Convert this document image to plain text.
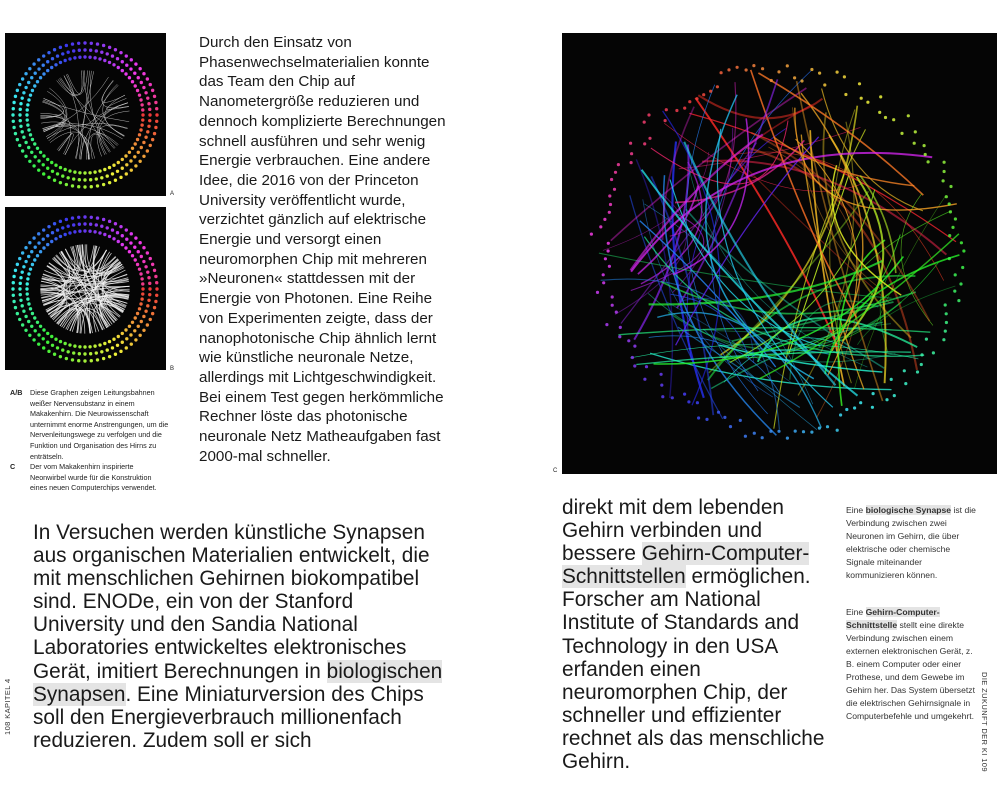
A
B
A/B	Diese Graphen zeigen Leitungsbahnen weißer Nervensubstanz in einem Makakenhirn. Die Neurowissenschaft unternimmt enorme Anstrengungen, um die Nervenleitungswege zu verfolgen und die Funktion und Organisation des Hirns zu enträtseln.
C	Der vom Makakenhirn inspirierte Neonwirbel wurde für die Konstruktion eines neuen Computerchips verwendet.
Durch den Einsatz von Phasenwechselmaterialien konnte das Team den Chip auf Nanometergröße reduzieren und dennoch komplizierte Berechnungen schnell ausführen und sehr wenig Energie verbrauchen. Eine andere Idee, die 2016 von der Princeton University veröffentlicht wurde, verzichtet gänzlich auf elektrische Energie und versorgt einen neuromorphen Chip mit mehreren »Neuronen« stattdessen mit der Energie von Photonen. Eine Reihe von Experimenten zeigte, dass der nanophotonische Chip ähnlich lernt wie künstliche neuronale Netze, allerdings mit Lichtgeschwindigkeit. Bei einem Test gegen herkömmliche Rechner löste das photonische neuronale Netz Matheaufgaben fast 2000-mal schneller.
In Versuchen werden künstliche Synapsen aus organischen Materialien entwickelt, die mit menschlichen Gehirnen biokompatibel sind. ENODe, ein von der Stanford University und den Sandia National Laboratories entwickeltes elektronisches Gerät, imitiert Berechnungen in biologischen Synapsen. Eine Miniaturversion des Chips soll den Energieverbrauch millionenfach reduzieren. Zudem soll er sich
C
direkt mit dem lebenden Gehirn verbinden und bessere Gehirn-Computer-Schnittstellen ermöglichen. Forscher am National Institute of Standards and Technology in den USA erfanden einen neuromorphen Chip, der schneller und effizienter rechnet als das menschliche Gehirn.
Eine biologische Synapse ist die Verbindung zwischen zwei Neuronen im Gehirn, die über elektrische oder chemische Signale miteinander kommunizieren können.
Eine Gehirn-Computer-Schnittstelle stellt eine direkte Verbindung zwischen einem externen elektronischen Gerät, z. B. einem Computer oder einer Prothese, und dem Gewebe im Gehirn her. Das System übersetzt die elektrischen Gehirnsignale in Computerbefehle und umgekehrt.
108 KAPITEL 4	DIE ZUKUNFT DER KI 109
